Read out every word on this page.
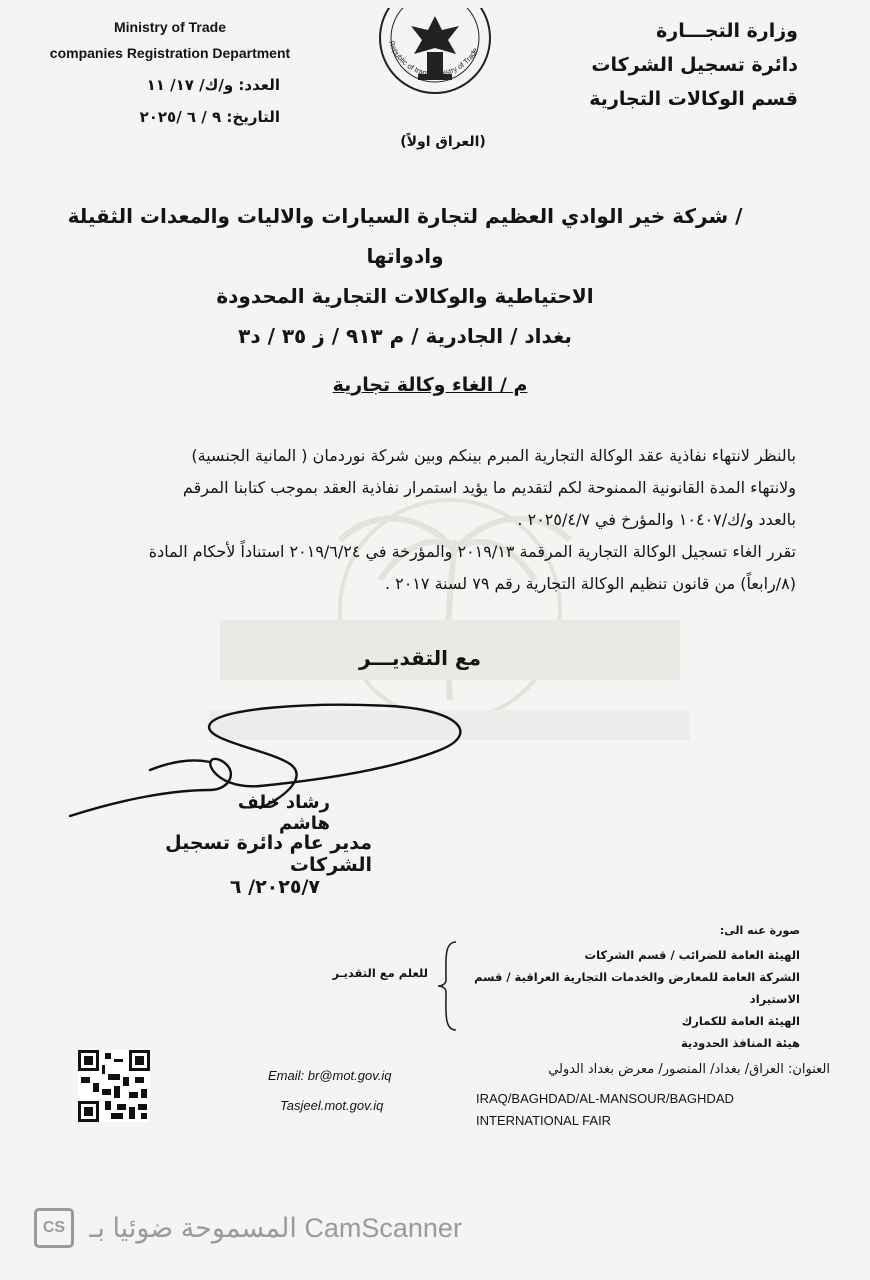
Ministry of Trade
companies Registration Department
العدد: و/ك/ ١٧/ ١١
التاريخ: ٩ / ٦ /٢٠٢٥
Republic of Iraq - Ministry of Trade
(العراق اولاً)
وزارة التجـــارة
دائرة تسجيل الشركات
قسم الوكالات التجارية
/ شركة خير الوادي العظيم لتجارة السيارات والاليات والمعدات الثقيلة وادواتها
الاحتياطية والوكالات التجارية المحدودة
بغداد / الجادرية / م ٩١٣ / ز ٣٥ / د٣
م / الغاء وكالة تجارية

بالنظر لانتهاء نفاذية عقد الوكالة التجارية المبرم بينكم وبين شركة نوردمان ( المانية الجنسية)

ولانتهاء المدة القانونية الممنوحة لكم لتقديم ما يؤيد استمرار نفاذية العقد بموجب كتابنا المرقم

بالعدد و/ك/١٠٤٠٧ والمؤرخ في ٢٠٢٥/٤/٧ .

تقرر الغاء تسجيل الوكالة التجارية المرقمة ٢٠١٩/١٣ والمؤرخة في ٢٠١٩/٦/٢٤ استناداً لأحكام المادة

(٨/رابعاً) من قانون تنظيم الوكالة التجارية رقم ٧٩ لسنة ٢٠١٧ .

مع التقديـــر
رشاد خلف هاشم
مدير عام دائرة تسجيل الشركات
٢٠٢٥/٧/ ٦
صورة عنه الى:
الهيئة العامة للضرائب / قسم الشركات
الشركة العامة للمعارض والخدمات التجارية العراقية / قسم الاستيراد
الهيئة العامة للكمارك
هيئة المنافذ الحدودية
للعلم مع التقديـر
Email: br@mot.gov.iq
Tasjeel.mot.gov.iq
العنوان: العراق/ بغداد/ المنصور/ معرض بغداد الدولي
IRAQ/BAGHDAD/AL-MANSOUR/BAGHDAD INTERNATIONAL FAIR
CS المسموحة ضوئيا بـ CamScanner
